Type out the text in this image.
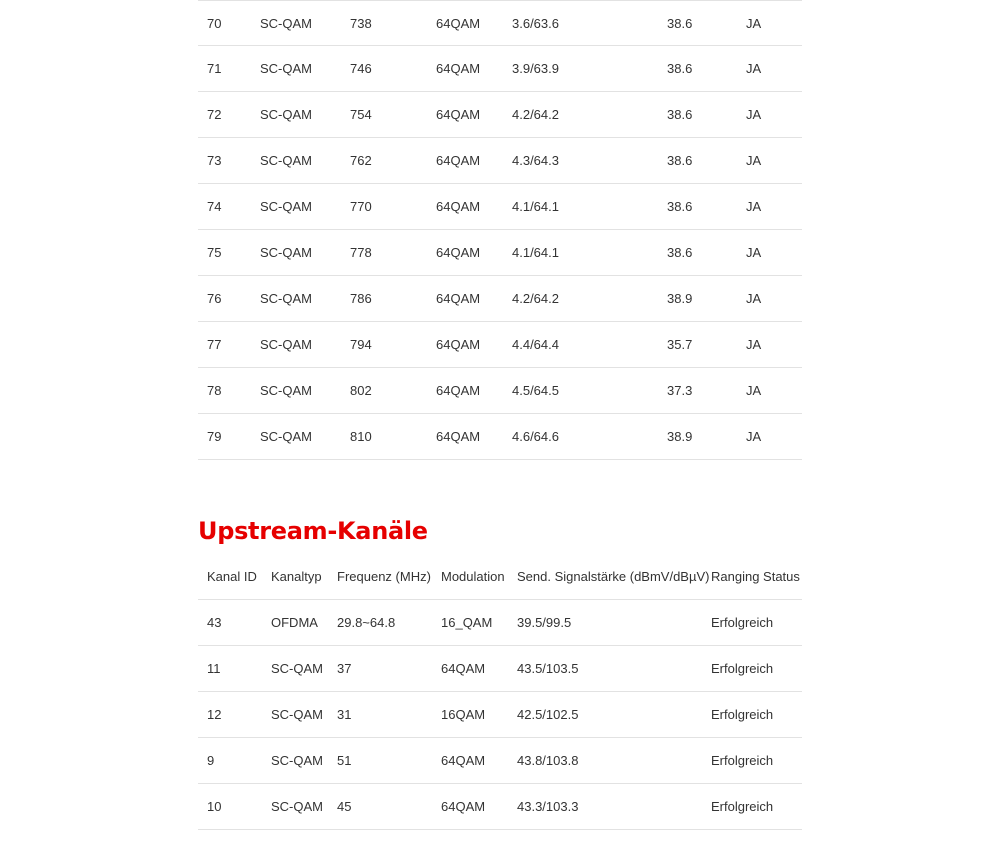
70	SC-QAM	738	64QAM	3.6/63.6	38.6	JA
71	SC-QAM	746	64QAM	3.9/63.9	38.6	JA
72	SC-QAM	754	64QAM	4.2/64.2	38.6	JA
73	SC-QAM	762	64QAM	4.3/64.3	38.6	JA
74	SC-QAM	770	64QAM	4.1/64.1	38.6	JA
75	SC-QAM	778	64QAM	4.1/64.1	38.6	JA
76	SC-QAM	786	64QAM	4.2/64.2	38.9	JA
77	SC-QAM	794	64QAM	4.4/64.4	35.7	JA
78	SC-QAM	802	64QAM	4.5/64.5	37.3	JA
79	SC-QAM	810	64QAM	4.6/64.6	38.9	JA
Upstream-Kanäle
Kanal ID	Kanaltyp	Frequenz (MHz)	Modulation	Send. Signalstärke (dBmV/dBµV)	Ranging Status
43	OFDMA	29.8~64.8	16_QAM	39.5/99.5	Erfolgreich
11	SC-QAM	37	64QAM	43.5/103.5	Erfolgreich
12	SC-QAM	31	16QAM	42.5/102.5	Erfolgreich
9	SC-QAM	51	64QAM	43.8/103.8	Erfolgreich
10	SC-QAM	45	64QAM	43.3/103.3	Erfolgreich
